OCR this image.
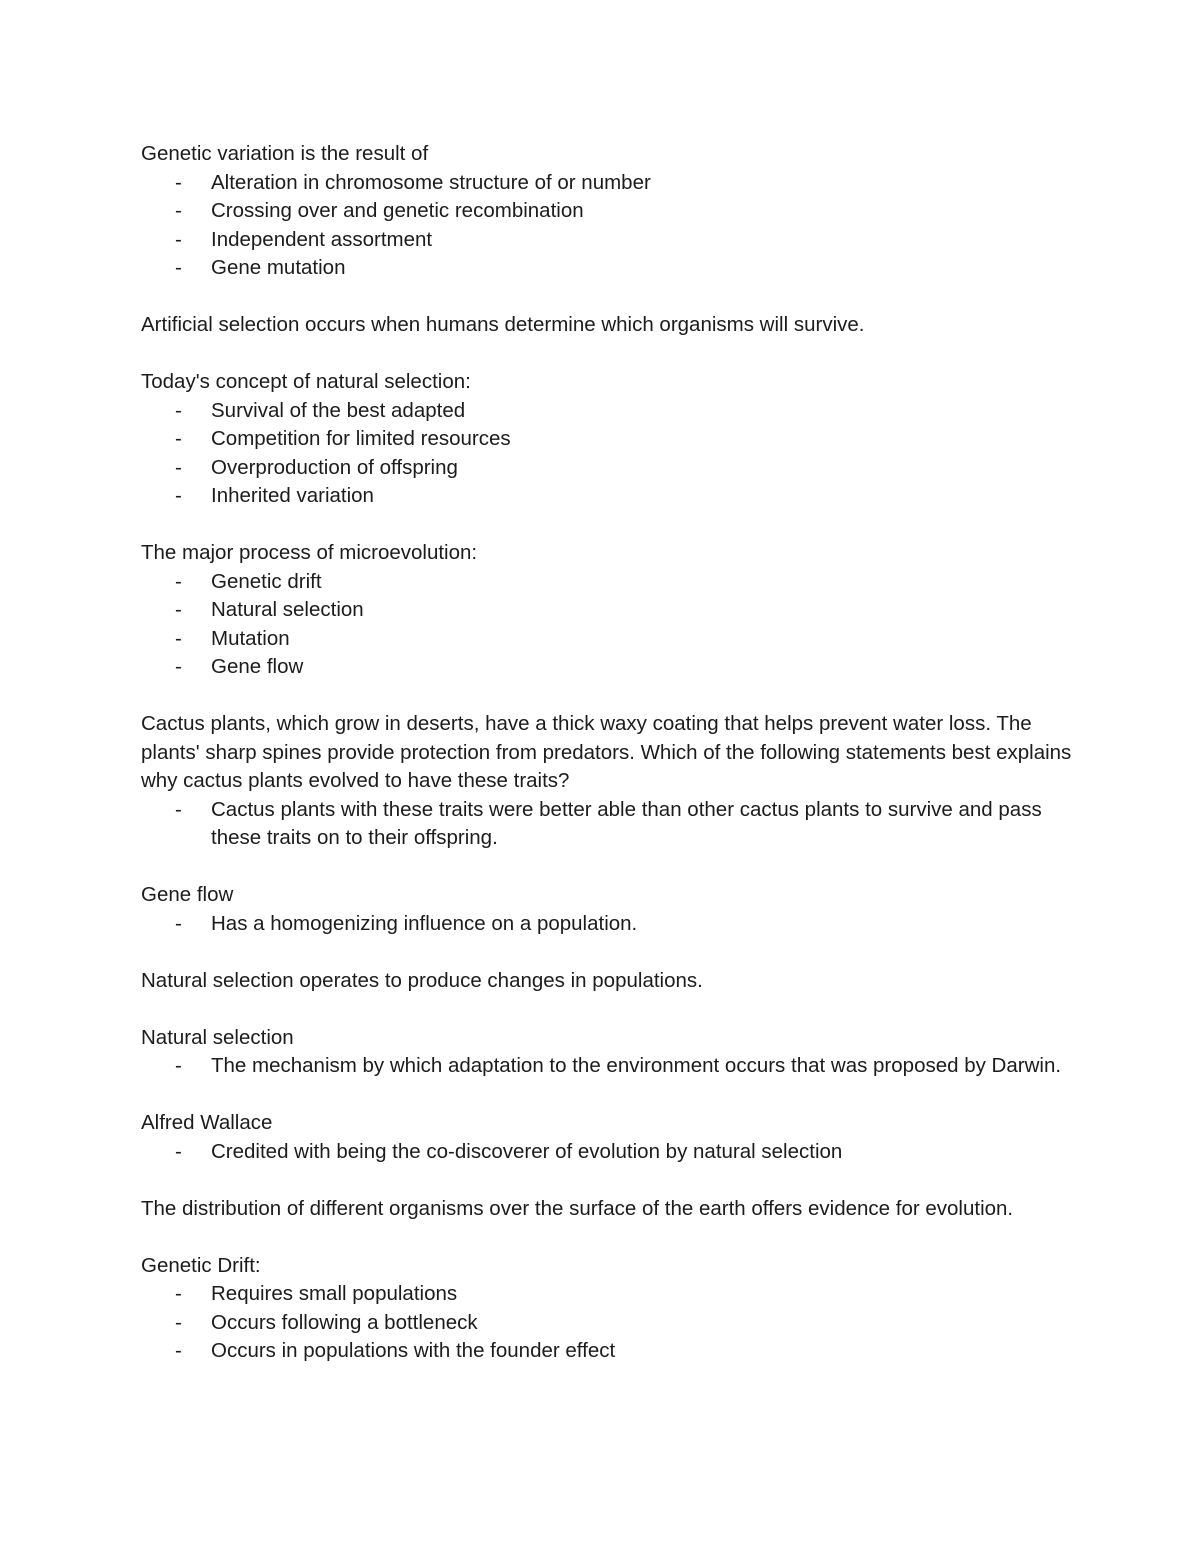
Genetic variation is the result of

- Alteration in chromosome structure of or number
- Crossing over and genetic recombination
- Independent assortment
- Gene mutation

Artificial selection occurs when humans determine which organisms will survive.

Today's concept of natural selection:

- Survival of the best adapted
- Competition for limited resources
- Overproduction of offspring
- Inherited variation

The major process of microevolution:

- Genetic drift
- Natural selection
- Mutation
- Gene flow

Cactus plants, which grow in deserts, have a thick waxy coating that helps prevent water loss. The plants' sharp spines provide protection from predators. Which of the following statements best explains why cactus plants evolved to have these traits?

- Cactus plants with these traits were better able than other cactus plants to survive and pass these traits on to their offspring.

Gene flow

- Has a homogenizing influence on a population.

Natural selection operates to produce changes in populations.

Natural selection

- The mechanism by which adaptation to the environment occurs that was proposed by Darwin.

Alfred Wallace

- Credited with being the co-discoverer of evolution by natural selection

The distribution of different organisms over the surface of the earth offers evidence for evolution.

Genetic Drift:

- Requires small populations
- Occurs following a bottleneck
- Occurs in populations with the founder effect
